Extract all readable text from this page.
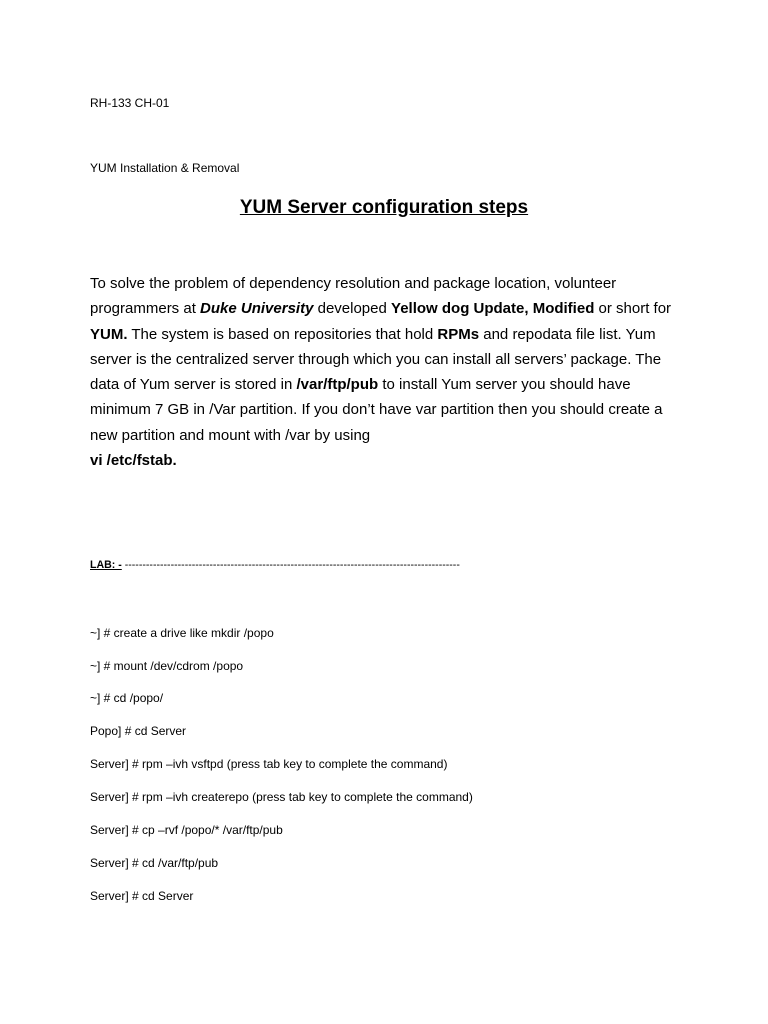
RH-133 CH-01
YUM Installation & Removal
YUM Server configuration steps
To solve the problem of dependency resolution and package location, volunteer programmers at Duke University developed Yellow dog Update, Modified or short for YUM. The system is based on repositories that hold RPMs and repodata file list. Yum server is the centralized server through which you can install all servers’ package. The data of Yum server is stored in /var/ftp/pub to install Yum server you should have minimum 7 GB in /Var partition. If you don’t have var partition then you should create a new partition and mount with /var by using
vi /etc/fstab.
LAB: - -----------------------------------------------------------------------------------------------
~] # create a drive like mkdir /popo
~] # mount /dev/cdrom /popo
~] # cd /popo/
Popo] # cd Server
Server] # rpm –ivh vsftpd (press tab key to complete the command)
Server] # rpm –ivh createrepo (press tab key to complete the command)
Server] # cp –rvf /popo/* /var/ftp/pub
Server] # cd /var/ftp/pub
Server] # cd Server
